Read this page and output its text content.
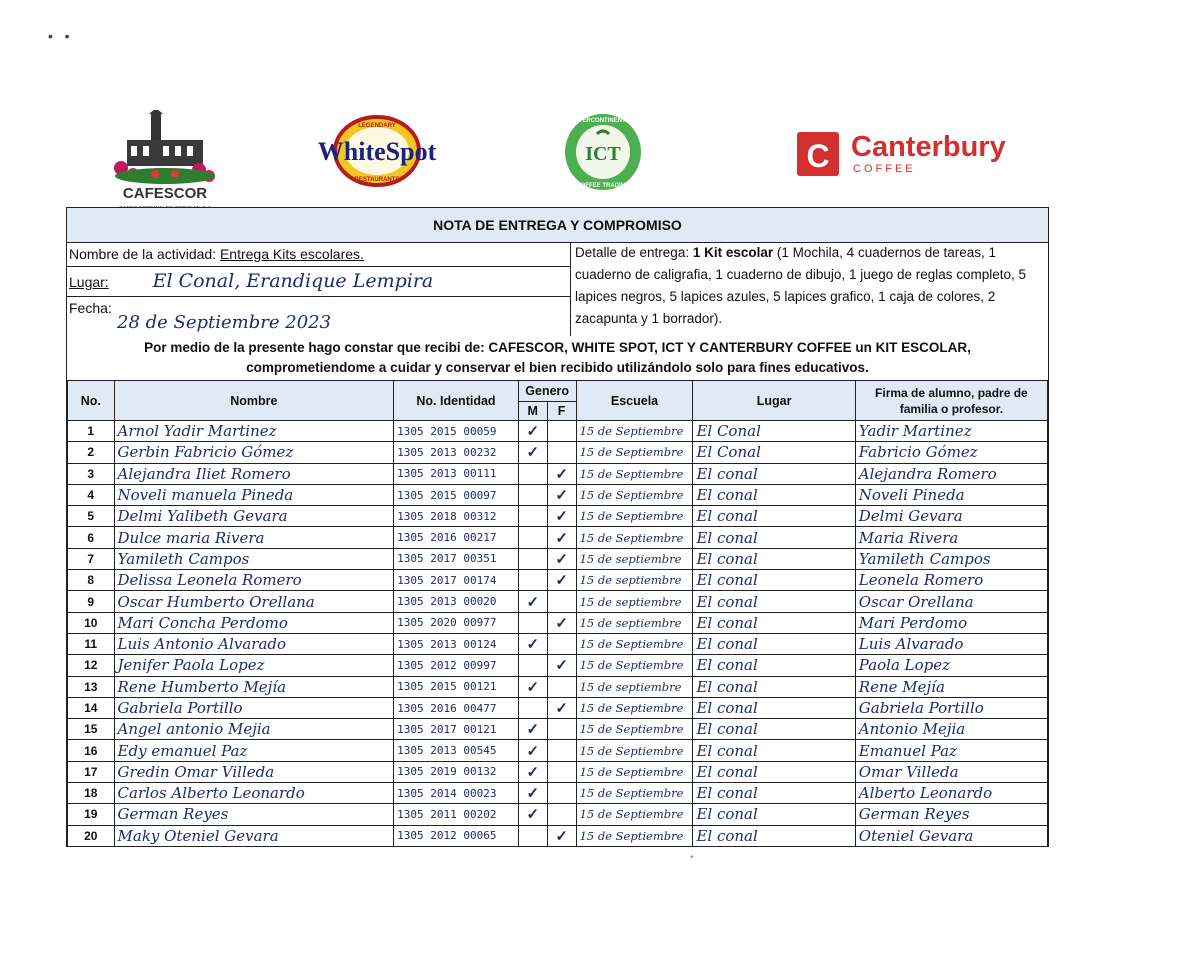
•   •
CAFESCOR
LEGENDARY
RESTAURANTS
WhiteSpot	ICT
INTERCONTINENTAL
COFFEE TRADING
C Canterbury
COFFEE
NOTA DE ENTREGA Y COMPROMISO
Nombre de la actividad: Entrega Kits escolares.
Lugar: El Conal, Erandique Lempira
Fecha:
28 de Septiembre 2023
Detalle de entrega: 1 Kit escolar (1 Mochila, 4 cuadernos de tareas, 1 cuaderno de caligrafia, 1 cuaderno de dibujo, 1 juego de reglas completo, 5 lapices negros, 5 lapices azules, 5 lapices grafico, 1 caja de colores, 2 zacapunta y 1 borrador).
Por medio de la presente hago constar que recibi de: CAFESCOR, WHITE SPOT, ICT Y CANTERBURY COFFEE un KIT ESCOLAR,
comprometiendome a cuidar y conservar el bien recibido utilizándolo solo para fines educativos.
No.	Nombre	No. Identidad	Genero		Escuela	Lugar	Firma de alumno, padre de familia o profesor.
			M	F			
1	Arnol Yadir Martinez	1305 2015 00059	✓		15 de Septiembre	El Conal	Yadir Martinez
2	Gerbin Fabricio Gómez	1305 2013 00232	✓		15 de Septiembre	El Conal	Fabricio Gómez
3	Alejandra Iliet Romero	1305 2013 00111		✓	15 de Septiembre	El conal	Alejandra Romero
4	Noveli manuela Pineda	1305 2015 00097		✓	15 de Septiembre	El conal	Noveli Pineda
5	Delmi Yalibeth Gevara	1305 2018 00312		✓	15 de Septiembre	El conal	Delmi Gevara
6	Dulce maria Rivera	1305 2016 00217		✓	15 de Septiembre	El conal	Maria Rivera
7	Yamileth Campos	1305 2017 00351		✓	15 de septiembre	El conal	Yamileth Campos
8	Delissa Leonela Romero	1305 2017 00174		✓	15 de septiembre	El conal	Leonela Romero
9	Oscar Humberto Orellana	1305 2013 00020	✓		15 de septiembre	El conal	Oscar Orellana
10	Mari Concha Perdomo	1305 2020 00977		✓	15 de septiembre	El conal	Mari Perdomo
11	Luis Antonio Alvarado	1305 2013 00124	✓		15 de Septiembre	El conal	Luis Alvarado
12	Jenifer Paola Lopez	1305 2012 00997		✓	15 de Septiembre	El conal	Paola Lopez
13	Rene Humberto Mejía	1305 2015 00121	✓		15 de septiembre	El conal	Rene Mejía
14	Gabriela Portillo	1305 2016 00477		✓	15 de Septiembre	El conal	Gabriela Portillo
15	Angel antonio Mejia	1305 2017 00121	✓		15 de Septiembre	El conal	Antonio Mejia
16	Edy emanuel Paz	1305 2013 00545	✓		15 de Septiembre	El conal	Emanuel Paz
17	Gredin Omar Villeda	1305 2019 00132	✓		15 de Septiembre	El conal	Omar Villeda
18	Carlos Alberto Leonardo	1305 2014 00023	✓		15 de Septiembre	El conal	Alberto Leonardo
19	German Reyes	1305 2011 00202	✓		15 de Septiembre	El conal	German Reyes
20	Maky Oteniel Gevara	1305 2012 00065		✓	15 de Septiembre	El conal	Oteniel Gevara
•
